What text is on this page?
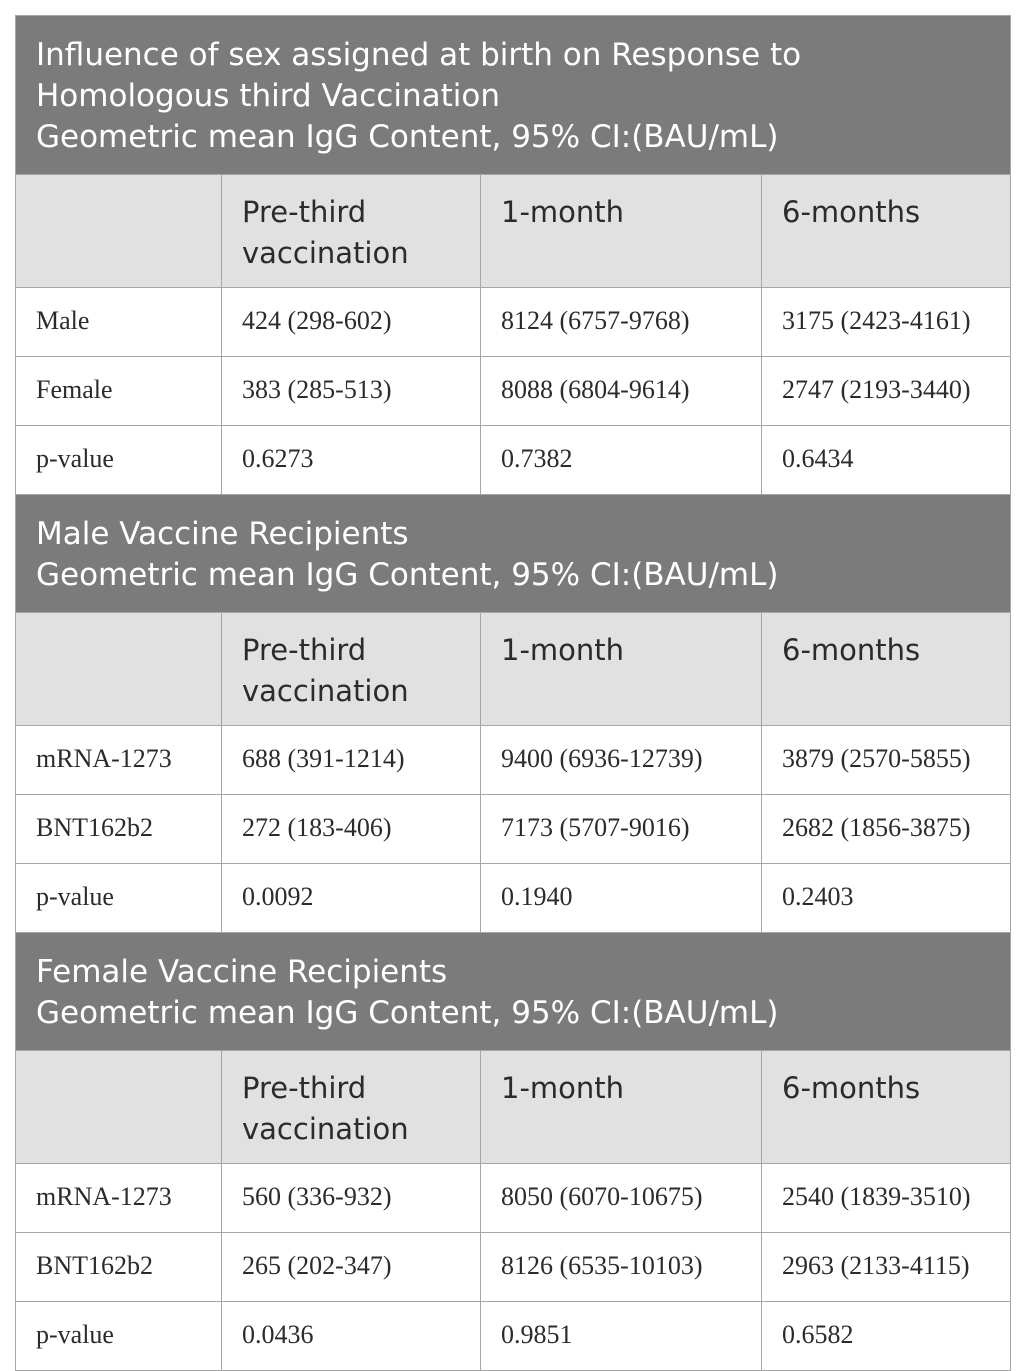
Influence of sex assigned at birth on Response to
Homologous third Vaccination
Geometric mean IgG Content, 95% CI:(BAU/mL)			
	Pre-third vaccination	1-month	6-months
Male	424 (298-602)	8124 (6757-9768)	3175 (2423-4161)
Female	383 (285-513)	8088 (6804-9614)	2747 (2193-3440)
p-value	0.6273	0.7382	0.6434
Male Vaccine Recipients
Geometric mean IgG Content, 95% CI:(BAU/mL)			
	Pre-third vaccination	1-month	6-months
mRNA-1273	688 (391-1214)	9400 (6936-12739)	3879 (2570-5855)
BNT162b2	272 (183-406)	7173 (5707-9016)	2682 (1856-3875)
p-value	0.0092	0.1940	0.2403
Female Vaccine Recipients
Geometric mean IgG Content, 95% CI:(BAU/mL)			
	Pre-third vaccination	1-month	6-months
mRNA-1273	560 (336-932)	8050 (6070-10675)	2540 (1839-3510)
BNT162b2	265 (202-347)	8126 (6535-10103)	2963 (2133-4115)
p-value	0.0436	0.9851	0.6582
